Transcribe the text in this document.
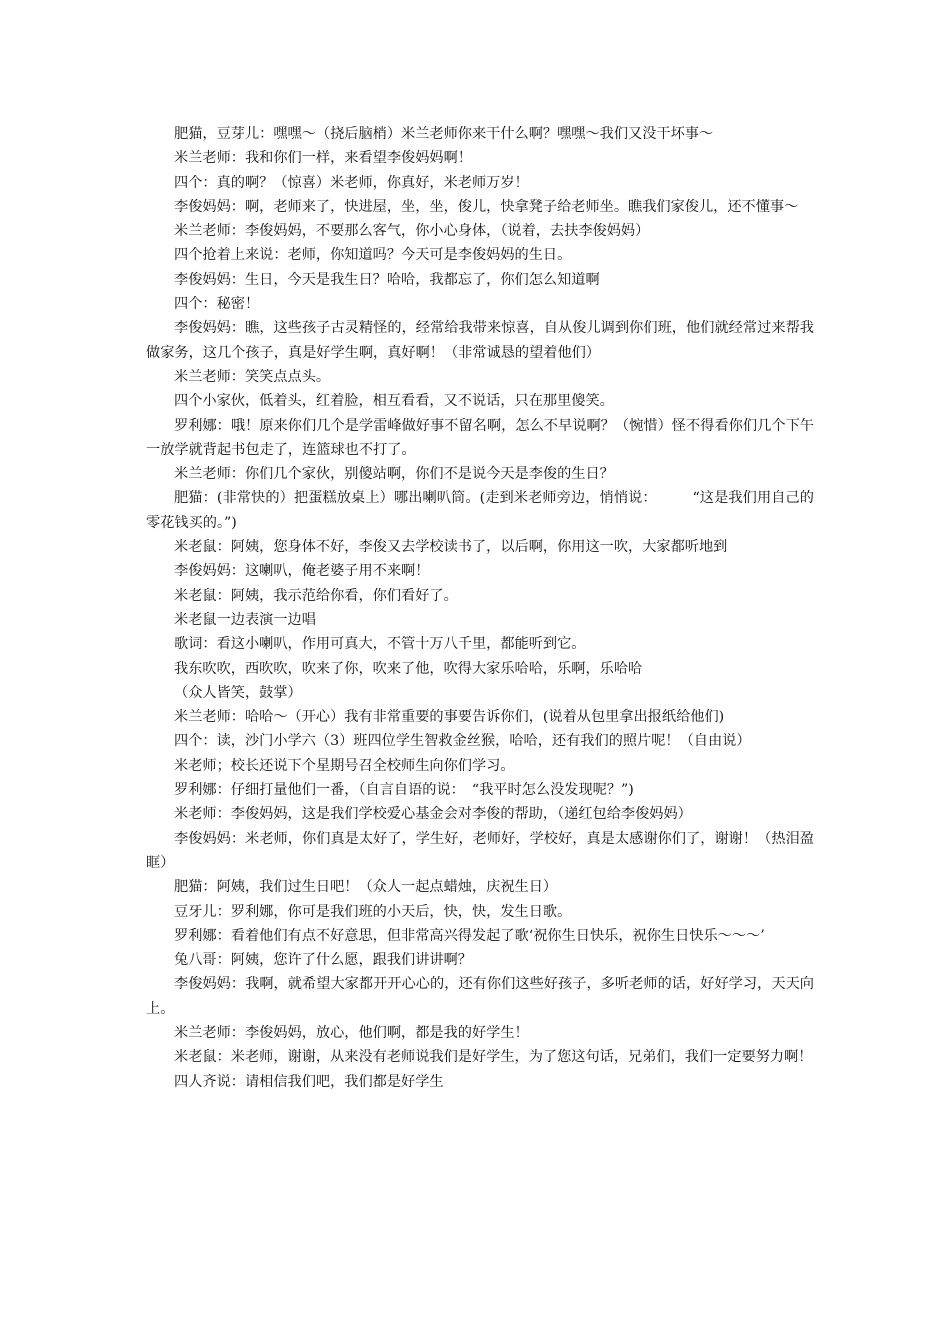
肥猫，豆芽儿：嘿嘿～（挠后脑梢）米兰老师你来干什么啊？嘿嘿～我们又没干坏事～

米兰老师：我和你们一样，来看望李俊妈妈啊！

四个：真的啊？（惊喜）米老师，你真好，米老师万岁！

李俊妈妈：啊，老师来了，快进屋，坐，坐，俊儿，快拿凳子给老师坐。瞧我们家俊儿，还不懂事～

米兰老师：李俊妈妈，不要那么客气，你小心身体，（说着，去扶李俊妈妈）

四个抢着上来说：老师，你知道吗？今天可是李俊妈妈的生日。

李俊妈妈：生日，今天是我生日？哈哈，我都忘了，你们怎么知道啊

四个：秘密！

李俊妈妈：瞧，这些孩子古灵精怪的，经常给我带来惊喜，自从俊儿调到你们班，他们就经常过来帮我做家务，这几个孩子，真是好学生啊，真好啊！（非常诚恳的望着他们）

米兰老师：笑笑点点头。

四个小家伙，低着头，红着脸，相互看看，又不说话，只在那里傻笑。

罗利娜：哦！原来你们几个是学雷峰做好事不留名啊，怎么不早说啊？（惋惜）怪不得看你们几个下午一放学就背起书包走了，连篮球也不打了。

米兰老师：你们几个家伙，别傻站啊，你们不是说今天是李俊的生日？

肥猫：(非常快的）把蛋糕放桌上）哪出喇叭筒。(走到米老师旁边，悄悄说：　　　“这是我们用自己的零花钱买的。”)

米老鼠：阿姨，您身体不好，李俊又去学校读书了，以后啊，你用这一吹，大家都听地到

李俊妈妈：这喇叭，俺老婆子用不来啊！

米老鼠：阿姨，我示范给你看，你们看好了。

米老鼠一边表演一边唱

歌词：看这小喇叭，作用可真大，不管十万八千里，都能听到它。

我东吹吹，西吹吹，吹来了你，吹来了他，吹得大家乐哈哈，乐啊，乐哈哈

（众人皆笑，鼓掌）

米兰老师：哈哈～（开心）我有非常重要的事要告诉你们，(说着从包里拿出报纸给他们)

四个：读，沙门小学六（3）班四位学生智救金丝猴，哈哈，还有我们的照片呢！（自由说）

米老师；校长还说下个星期号召全校师生向你们学习。

罗利娜：仔细打量他们一番，（自言自语的说：　“我平时怎么没发现呢？”)

米老师：李俊妈妈，这是我们学校爱心基金会对李俊的帮助，（递红包给李俊妈妈）

李俊妈妈：米老师，你们真是太好了，学生好，老师好，学校好，真是太感谢你们了，谢谢！（热泪盈眶）

肥猫：阿姨，我们过生日吧！（众人一起点蜡烛，庆祝生日）

豆牙儿：罗利娜，你可是我们班的小天后，快，快，发生日歌。

罗利娜：看着他们有点不好意思，但非常高兴得发起了歌‘祝你生日快乐，祝你生日快乐～～～’

兔八哥：阿姨，您许了什么愿，跟我们讲讲啊？

李俊妈妈：我啊，就希望大家都开开心心的，还有你们这些好孩子，多听老师的话，好好学习，天天向上。

米兰老师：李俊妈妈，放心，他们啊，都是我的好学生！

米老鼠：米老师，谢谢，从来没有老师说我们是好学生，为了您这句话，兄弟们，我们一定要努力啊！

四人齐说：请相信我们吧，我们都是好学生
